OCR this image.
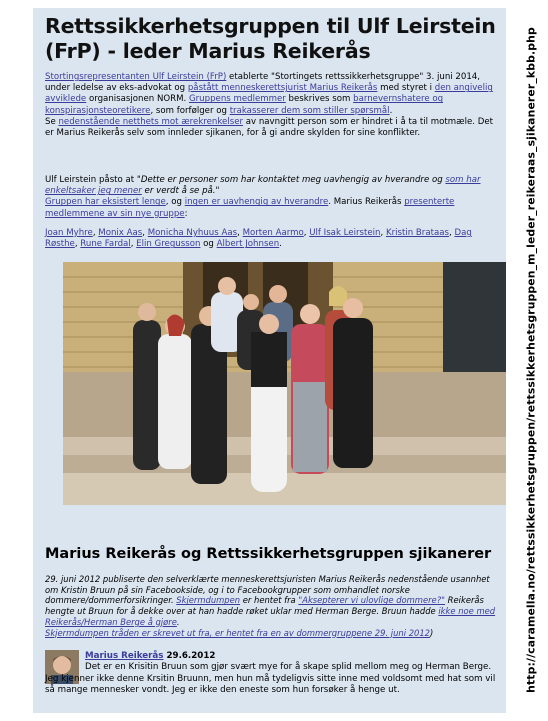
Rettssikkerhetsgruppen til Ulf Leirstein (FrP) - leder Marius Reikerås
Stortingsrepresentanten Ulf Leirstein (FrP) etablerte "Stortingets rettssikkerhetsgruppe" 3. juni 2014, under ledelse av eks-advokat og påstått menneskerettsjurist Marius Reikerås med styret i den angivelig avviklede organisasjonen NORM. Gruppens medlemmer beskrives som barnevernshatere og konspirasjonsteoretikere, som forfølger og trakasserer dem som stiller spørsmål.
Se nedenstående netthets mot ærekrenkelser av navngitt person som er hindret i å ta til motmæle. Det er Marius Reikerås selv som innleder sjikanen, for å gi andre skylden for sine konflikter.
Ulf Leirstein påsto at "Dette er personer som har kontaktet meg uavhengig av hverandre og som har enkeltsaker jeg mener er verdt å se på."
Gruppen har eksistert lenge, og ingen er uavhengig av hverandre. Marius Reikerås presenterte medlemmene av sin nye gruppe:
Joan Myhre, Monix Aas, Monicha Nyhuus Aas, Morten Aarmo, Ulf Isak Leirstein, Kristin Brataas, Dag Røsthe, Rune Fardal, Elin Gregusson og Albert Johnsen.
Marius Reikerås og Rettssikkerhetsgruppen sjikanerer
29. juni 2012 publiserte den selverklærte menneskerettsjuristen Marius Reikerås nedenstående usannhet om Kristin Bruun på sin Facebookside, og i to Facebookgrupper som omhandlet norske dommere/dommerforsikringer. Skjermdumpen er hentet fra "Aksepterer vi ulovlige dommere?" Reikerås hengte ut Bruun for å dekke over at han hadde røket uklar med Herman Berge. Bruun hadde ikke noe med Reikerås/Herman Berge å gjøre.
Skjermdumpen tråden er skrevet ut fra, er hentet fra en av dommergruppene 29. juni 2012)
Marius Reikerås 29.6.2012
Det er en Krisitin Bruun som gjør svært mye for å skape splid mellom meg og Herman Berge. Jeg kjenner ikke denne Krsitin Bruunn, men hun må tydeligvis sitte inne med voldsomt med hat som vil så mange mennesker vondt. Jeg er ikke den eneste som hun forsøker å henge ut.	http://caramella.no/rettssikkerhetsgruppen/rettssikkerhetsgruppen_m_leder_reikeraas_sjikanerer_kbb.php
